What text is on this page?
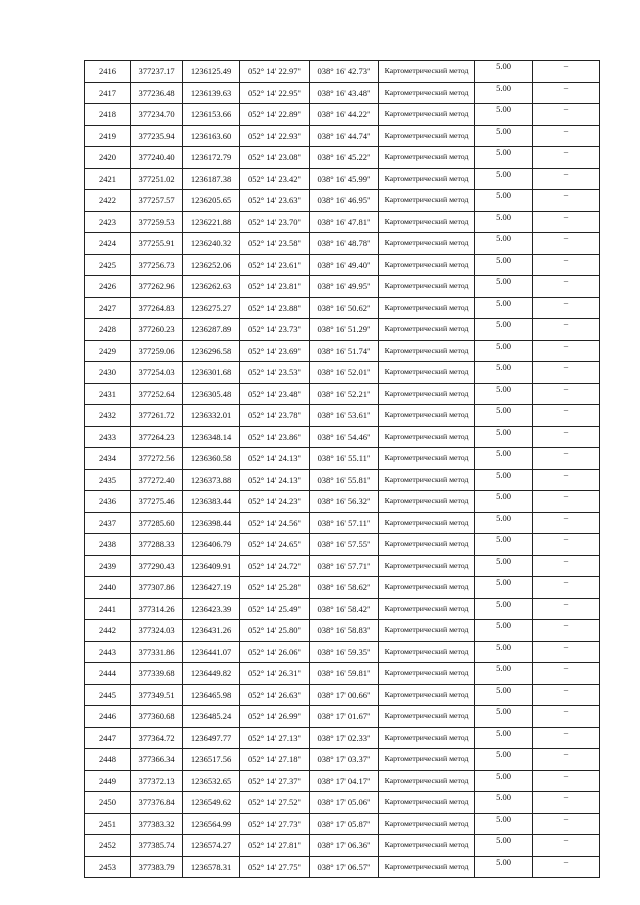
2416	377237.17	1236125.49	052° 14' 22.97"	038° 16' 42.73"	Картометрический метод	5.00	–
2417	377236.48	1236139.63	052° 14' 22.95"	038° 16' 43.48"	Картометрический метод	5.00	–
2418	377234.70	1236153.66	052° 14' 22.89"	038° 16' 44.22"	Картометрический метод	5.00	–
2419	377235.94	1236163.60	052° 14' 22.93"	038° 16' 44.74"	Картометрический метод	5.00	–
2420	377240.40	1236172.79	052° 14' 23.08"	038° 16' 45.22"	Картометрический метод	5.00	–
2421	377251.02	1236187.38	052° 14' 23.42"	038° 16' 45.99"	Картометрический метод	5.00	–
2422	377257.57	1236205.65	052° 14' 23.63"	038° 16' 46.95"	Картометрический метод	5.00	–
2423	377259.53	1236221.88	052° 14' 23.70"	038° 16' 47.81"	Картометрический метод	5.00	–
2424	377255.91	1236240.32	052° 14' 23.58"	038° 16' 48.78"	Картометрический метод	5.00	–
2425	377256.73	1236252.06	052° 14' 23.61"	038° 16' 49.40"	Картометрический метод	5.00	–
2426	377262.96	1236262.63	052° 14' 23.81"	038° 16' 49.95"	Картометрический метод	5.00	–
2427	377264.83	1236275.27	052° 14' 23.88"	038° 16' 50.62"	Картометрический метод	5.00	–
2428	377260.23	1236287.89	052° 14' 23.73"	038° 16' 51.29"	Картометрический метод	5.00	–
2429	377259.06	1236296.58	052° 14' 23.69"	038° 16' 51.74"	Картометрический метод	5.00	–
2430	377254.03	1236301.68	052° 14' 23.53"	038° 16' 52.01"	Картометрический метод	5.00	–
2431	377252.64	1236305.48	052° 14' 23.48"	038° 16' 52.21"	Картометрический метод	5.00	–
2432	377261.72	1236332.01	052° 14' 23.78"	038° 16' 53.61"	Картометрический метод	5.00	–
2433	377264.23	1236348.14	052° 14' 23.86"	038° 16' 54.46"	Картометрический метод	5.00	–
2434	377272.56	1236360.58	052° 14' 24.13"	038° 16' 55.11"	Картометрический метод	5.00	–
2435	377272.40	1236373.88	052° 14' 24.13"	038° 16' 55.81"	Картометрический метод	5.00	–
2436	377275.46	1236383.44	052° 14' 24.23"	038° 16' 56.32"	Картометрический метод	5.00	–
2437	377285.60	1236398.44	052° 14' 24.56"	038° 16' 57.11"	Картометрический метод	5.00	–
2438	377288.33	1236406.79	052° 14' 24.65"	038° 16' 57.55"	Картометрический метод	5.00	–
2439	377290.43	1236409.91	052° 14' 24.72"	038° 16' 57.71"	Картометрический метод	5.00	–
2440	377307.86	1236427.19	052° 14' 25.28"	038° 16' 58.62"	Картометрический метод	5.00	–
2441	377314.26	1236423.39	052° 14' 25.49"	038° 16' 58.42"	Картометрический метод	5.00	–
2442	377324.03	1236431.26	052° 14' 25.80"	038° 16' 58.83"	Картометрический метод	5.00	–
2443	377331.86	1236441.07	052° 14' 26.06"	038° 16' 59.35"	Картометрический метод	5.00	–
2444	377339.68	1236449.82	052° 14' 26.31"	038° 16' 59.81"	Картометрический метод	5.00	–
2445	377349.51	1236465.98	052° 14' 26.63"	038° 17' 00.66"	Картометрический метод	5.00	–
2446	377360.68	1236485.24	052° 14' 26.99"	038° 17' 01.67"	Картометрический метод	5.00	–
2447	377364.72	1236497.77	052° 14' 27.13"	038° 17' 02.33"	Картометрический метод	5.00	–
2448	377366.34	1236517.56	052° 14' 27.18"	038° 17' 03.37"	Картометрический метод	5.00	–
2449	377372.13	1236532.65	052° 14' 27.37"	038° 17' 04.17"	Картометрический метод	5.00	–
2450	377376.84	1236549.62	052° 14' 27.52"	038° 17' 05.06"	Картометрический метод	5.00	–
2451	377383.32	1236564.99	052° 14' 27.73"	038° 17' 05.87"	Картометрический метод	5.00	–
2452	377385.74	1236574.27	052° 14' 27.81"	038° 17' 06.36"	Картометрический метод	5.00	–
2453	377383.79	1236578.31	052° 14' 27.75"	038° 17' 06.57"	Картометрический метод	5.00	–
